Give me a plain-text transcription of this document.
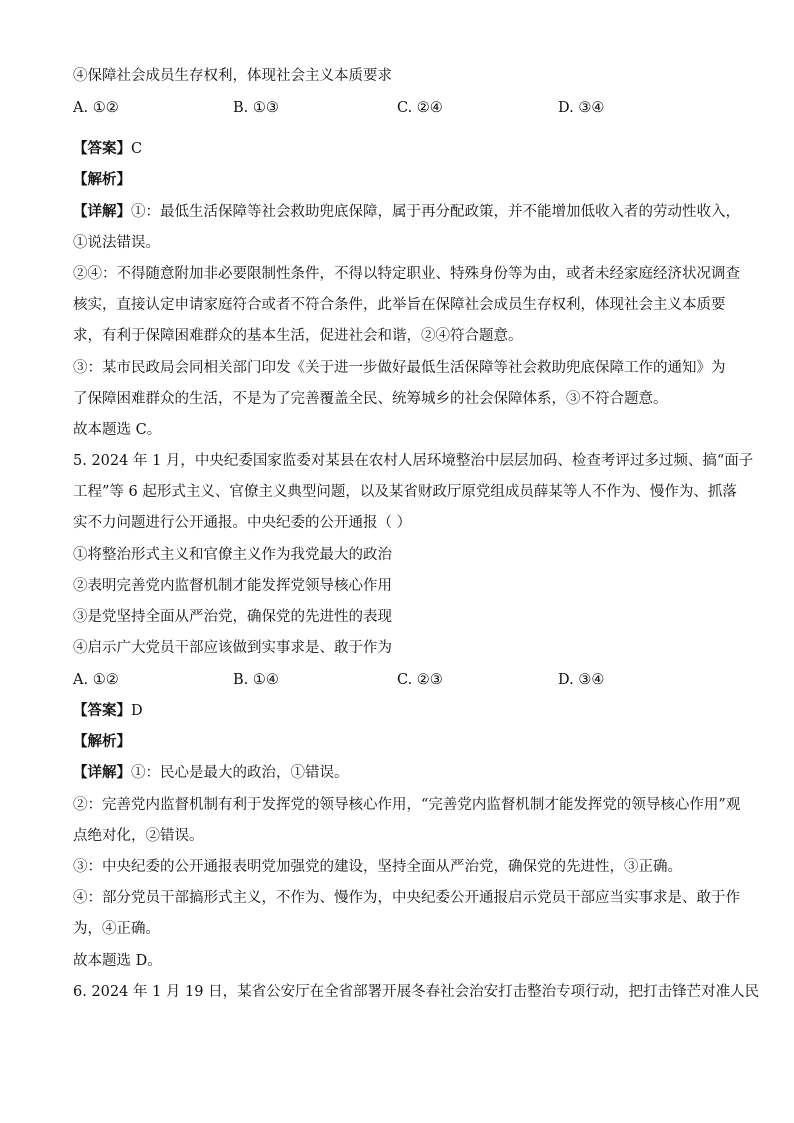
④保障社会成员生存权利，体现社会主义本质要求
A. ①②	B. ①③	C. ②④	D. ③④
【答案】C
【解析】
【详解】①：最低生活保障等社会救助兜底保障，属于再分配政策，并不能增加低收入者的劳动性收入，
①说法错误。
②④：不得随意附加非必要限制性条件，不得以特定职业、特殊身份等为由，或者未经家庭经济状况调查
核实，直接认定申请家庭符合或者不符合条件，此举旨在保障社会成员生存权利，体现社会主义本质要
求，有利于保障困难群众的基本生活，促进社会和谐，②④符合题意。
③：某市民政局会同相关部门印发《关于进一步做好最低生活保障等社会救助兜底保障工作的通知》为
了保障困难群众的生活，不是为了完善覆盖全民、统筹城乡的社会保障体系，③不符合题意。
故本题选 C。
5. 2024 年 1 月，中央纪委国家监委对某县在农村人居环境整治中层层加码、检查考评过多过频、搞“面子
工程”等 6 起形式主义、官僚主义典型问题，以及某省财政厅原党组成员薛某等人不作为、慢作为、抓落
实不力问题进行公开通报。中央纪委的公开通报（ ）
①将整治形式主义和官僚主义作为我党最大的政治
②表明完善党内监督机制才能发挥党领导核心作用
③是党坚持全面从严治党，确保党的先进性的表现
④启示广大党员干部应该做到实事求是、敢于作为
A. ①②	B. ①④	C. ②③	D. ③④
【答案】D
【解析】
【详解】①：民心是最大的政治，①错误。
②：完善党内监督机制有利于发挥党的领导核心作用，“完善党内监督机制才能发挥党的领导核心作用”观
点绝对化，②错误。
③：中央纪委的公开通报表明党加强党的建设，坚持全面从严治党，确保党的先进性，③正确。
④：部分党员干部搞形式主义，不作为、慢作为，中央纪委公开通报启示党员干部应当实事求是、敢于作
为，④正确。
故本题选 D。
6. 2024 年 1 月 19 日，某省公安厅在全省部署开展冬春社会治安打击整治专项行动，把打击锋芒对准人民
